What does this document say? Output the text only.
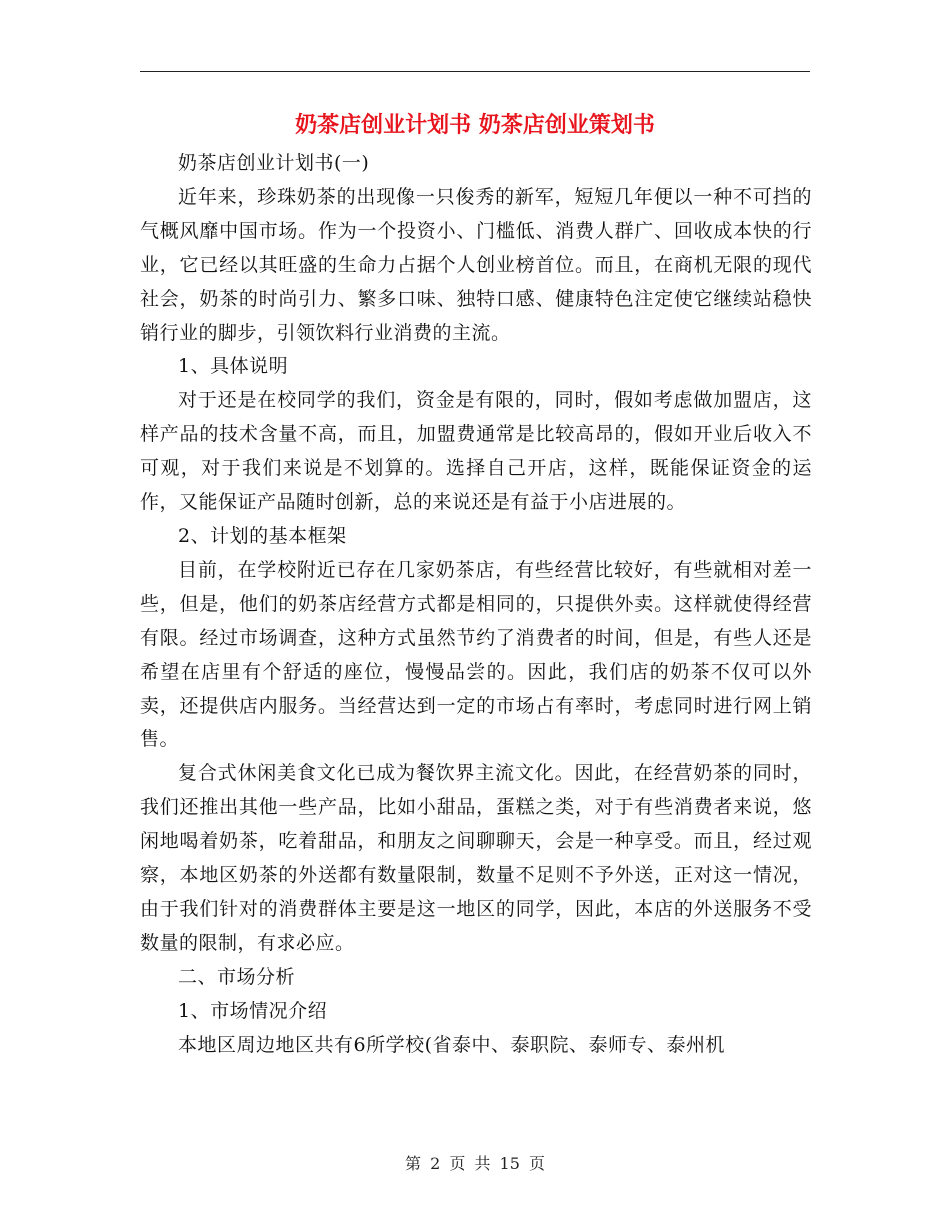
奶茶店创业计划书 奶茶店创业策划书

奶茶店创业计划书(一)

近年来，珍珠奶茶的出现像一只俊秀的新军，短短几年便以一种不可挡的气概风靡中国市场。作为一个投资小、门槛低、消费人群广、回收成本快的行业，它已经以其旺盛的生命力占据个人创业榜首位。而且，在商机无限的现代社会，奶茶的时尚引力、繁多口味、独特口感、健康特色注定使它继续站稳快销行业的脚步，引领饮料行业消费的主流。

1、具体说明

对于还是在校同学的我们，资金是有限的，同时，假如考虑做加盟店，这样产品的技术含量不高，而且，加盟费通常是比较高昂的，假如开业后收入不可观，对于我们来说是不划算的。选择自己开店，这样，既能保证资金的运作，又能保证产品随时创新，总的来说还是有益于小店进展的。

2、计划的基本框架

目前，在学校附近已存在几家奶茶店，有些经营比较好，有些就相对差一些，但是，他们的奶茶店经营方式都是相同的，只提供外卖。这样就使得经营有限。经过市场调查，这种方式虽然节约了消费者的时间，但是，有些人还是希望在店里有个舒适的座位，慢慢品尝的。因此，我们店的奶茶不仅可以外卖，还提供店内服务。当经营达到一定的市场占有率时，考虑同时进行网上销售。

复合式休闲美食文化已成为餐饮界主流文化。因此，在经营奶茶的同时，我们还推出其他一些产品，比如小甜品，蛋糕之类，对于有些消费者来说，悠闲地喝着奶茶，吃着甜品，和朋友之间聊聊天，会是一种享受。而且，经过观察，本地区奶茶的外送都有数量限制，数量不足则不予外送，正对这一情况，由于我们针对的消费群体主要是这一地区的同学，因此，本店的外送服务不受数量的限制，有求必应。

二、市场分析

1、市场情况介绍

本地区周边地区共有6所学校(省泰中、泰职院、泰师专、泰州机

第 2 页 共 15 页
